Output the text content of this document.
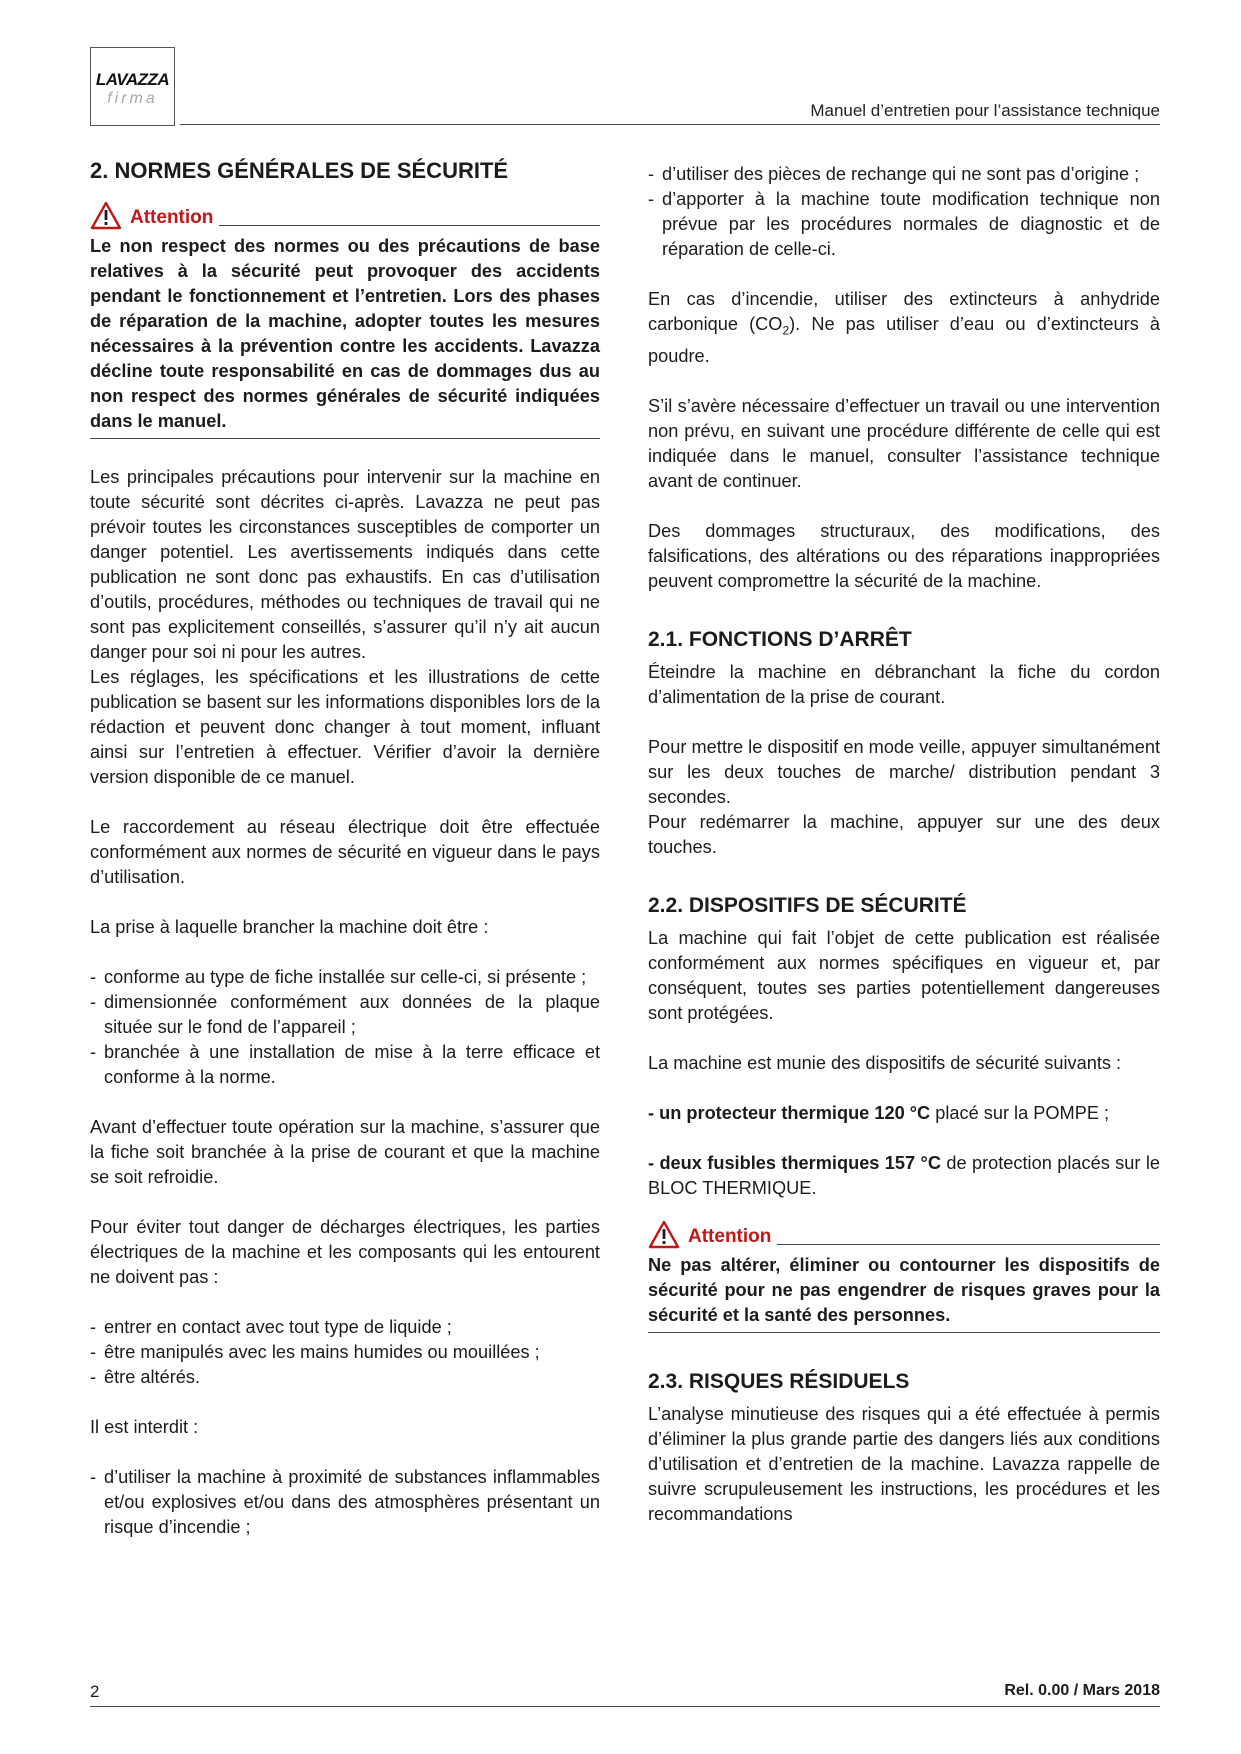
LAVAZZA
firma
Manuel d’entretien pour l’assistance technique
2. NORMES GÉNÉRALES DE SÉCURITÉ
Attention
Le non respect des normes ou des précautions de base relatives à la sécurité peut provoquer des accidents pendant le fonctionnement et l’entretien. Lors des phases de réparation de la machine, adopter toutes les mesures nécessaires à la prévention contre les accidents. Lavazza décline toute responsabilité en cas de dommages dus au non respect des normes générales de sécurité indiquées dans le manuel.

Les principales précautions pour intervenir sur la machine en toute sécurité sont décrites ci-après. Lavazza ne peut pas prévoir toutes les circonstances susceptibles de comporter un danger potentiel. Les avertissements indiqués dans cette publication ne sont donc pas exhaustifs. En cas d’utilisation d’outils, procédures, méthodes ou techniques de travail qui ne sont pas explicitement conseillés, s’assurer qu’il n’y ait aucun danger pour soi ni pour les autres.

Les réglages, les spécifications et les illustrations de cette publication se basent sur les informations disponibles lors de la rédaction et peuvent donc changer à tout moment, influant ainsi sur l’entretien à effectuer. Vérifier d’avoir la dernière version disponible de ce manuel.

Le raccordement au réseau électrique doit être effectuée conformément aux normes de sécurité en vigueur dans le pays d’utilisation.

La prise à laquelle brancher la machine doit être :

- conforme au type de fiche installée sur celle-ci, si présente ;
- dimensionnée conformément aux données de la plaque située sur le fond de l’appareil ;
- branchée à une installation de mise à la terre efficace et conforme à la norme.

Avant d’effectuer toute opération sur la machine, s’assurer que la fiche soit branchée à la prise de courant et que la machine se soit refroidie.

Pour éviter tout danger de décharges électriques, les parties électriques de la machine et les composants qui les entourent ne doivent pas :

- entrer en contact avec tout type de liquide ;
- être manipulés avec les mains humides ou mouillées ;
- être altérés.

Il est interdit :

- d’utiliser la machine à proximité de substances inflammables et/ou explosives et/ou dans des atmosphères présentant un risque d’incendie ;
- d’utiliser des pièces de rechange qui ne sont pas d’origine ;
- d’apporter à la machine toute modification technique non prévue par les procédures normales de diagnostic et de réparation de celle-ci.

En cas d’incendie, utiliser des extincteurs à anhydride carbonique $(CO_2)$. Ne pas utiliser d’eau ou d’extincteurs à poudre.

S’il s’avère nécessaire d’effectuer un travail ou une intervention non prévu, en suivant une procédure différente de celle qui est indiquée dans le manuel, consulter l’assistance technique avant de continuer.

Des dommages structuraux, des modifications, des falsifications, des altérations ou des réparations inappropriées peuvent compromettre la sécurité de la machine.

2.1. FONCTIONS D’ARRÊT

Éteindre la machine en débranchant la fiche du cordon d’alimentation de la prise de courant.

Pour mettre le dispositif en mode veille, appuyer simultanément sur les deux touches de marche/ distribution pendant 3 secondes.

Pour redémarrer la machine, appuyer sur une des deux touches.

2.2. DISPOSITIFS DE SÉCURITÉ

La machine qui fait l’objet de cette publication est réalisée conformément aux normes spécifiques en vigueur et, par conséquent, toutes ses parties potentiellement dangereuses sont protégées.

La machine est munie des dispositifs de sécurité suivants :

- un protecteur thermique 120 °C placé sur la POMPE ;

- deux fusibles thermiques 157 °C de protection placés sur le BLOC THERMIQUE.

Attention
Ne pas altérer, éliminer ou contourner les dispositifs de sécurité pour ne pas engendrer de risques graves pour la sécurité et la santé des personnes.
2.3. RISQUES RÉSIDUELS

L’analyse minutieuse des risques qui a été effectuée à permis d’éliminer la plus grande partie des dangers liés aux conditions d’utilisation et d’entretien de la machine. Lavazza rappelle de suivre scrupuleusement les instructions, les procédures et les recommandations

2	Rel. 0.00 / Mars 2018
